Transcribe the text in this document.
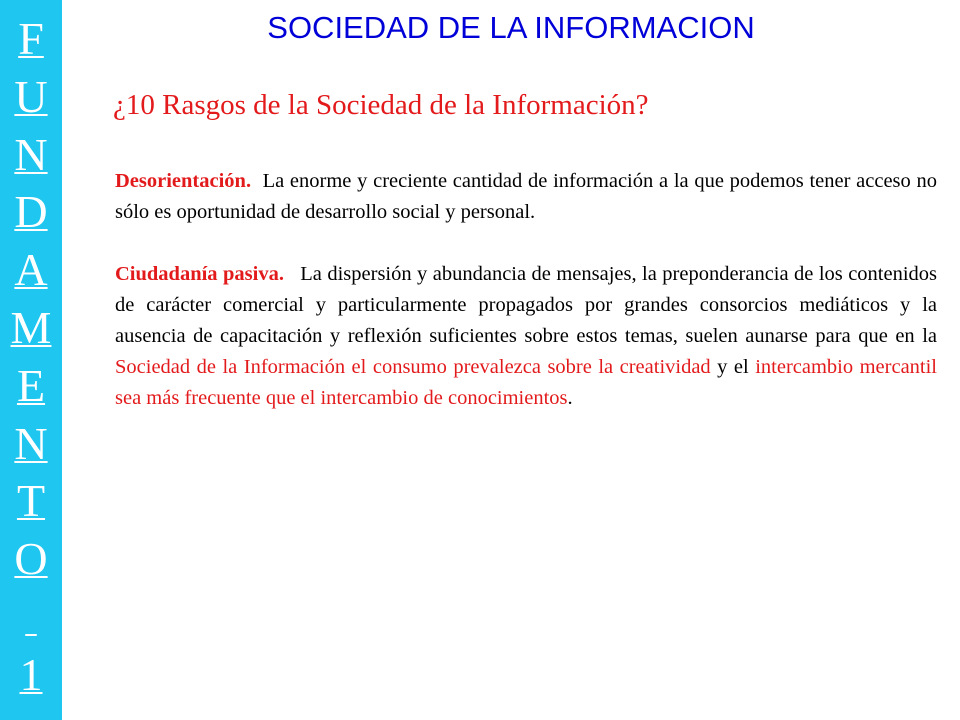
F
U
N
D
A
M
E
N
T
O

1
SOCIEDAD DE LA INFORMACION
¿10 Rasgos de la Sociedad de la Información?

Desorientación. La enorme y creciente cantidad de información a la que podemos tener acceso no sólo es oportunidad de desarrollo social y personal.

Ciudadanía pasiva. La dispersión y abundancia de mensajes, la preponderancia de los contenidos de carácter comercial y particularmente propagados por grandes consorcios mediáticos y la ausencia de capacitación y reflexión suficientes sobre estos temas, suelen aunarse para que en la Sociedad de la Información el consumo prevalezca sobre la creatividad y el intercambio mercantil sea más frecuente que el intercambio de conocimientos.
